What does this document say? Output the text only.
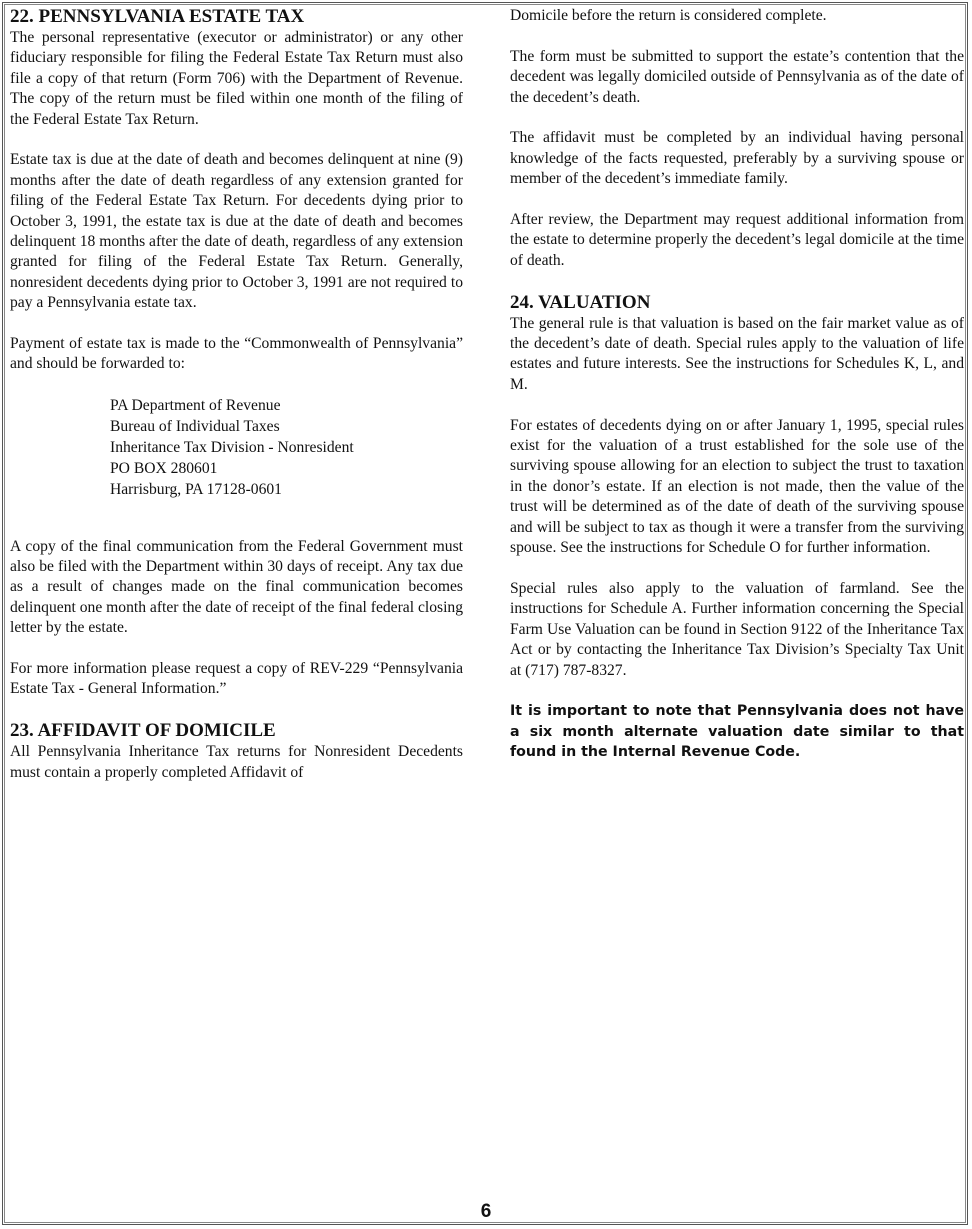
22. PENNSYLVANIA ESTATE TAX

The personal representative (executor or administrator) or any other fiduciary responsible for filing the Federal Estate Tax Return must also file a copy of that return (Form 706) with the Department of Revenue. The copy of the return must be filed within one month of the filing of the Federal Estate Tax Return.

Estate tax is due at the date of death and becomes delinquent at nine (9) months after the date of death regardless of any extension granted for filing of the Federal Estate Tax Return. For decedents dying prior to October 3, 1991, the estate tax is due at the date of death and becomes delinquent 18 months after the date of death, regardless of any extension granted for filing of the Federal Estate Tax Return. Generally, nonresident decedents dying prior to October 3, 1991 are not required to pay a Pennsylvania estate tax.

Payment of estate tax is made to the “Commonwealth of Pennsylvania” and should be forwarded to:

PA Department of Revenue
Bureau of Individual Taxes
Inheritance Tax Division - Nonresident
PO BOX 280601
Harrisburg, PA 17128-0601

A copy of the final communication from the Federal Government must also be filed with the Department within 30 days of receipt. Any tax due as a result of changes made on the final communication becomes delinquent one month after the date of receipt of the final federal closing letter by the estate.

For more information please request a copy of REV-229 “Pennsylvania Estate Tax - General Information.”

23. AFFIDAVIT OF DOMICILE

All Pennsylvania Inheritance Tax returns for Nonresident Decedents must contain a properly completed Affidavit of

Domicile before the return is considered complete.

The form must be submitted to support the estate’s contention that the decedent was legally domiciled outside of Pennsylvania as of the date of the decedent’s death.

The affidavit must be completed by an individual having personal knowledge of the facts requested, preferably by a surviving spouse or member of the decedent’s immediate family.

After review, the Department may request additional information from the estate to determine properly the decedent’s legal domicile at the time of death.

24. VALUATION

The general rule is that valuation is based on the fair market value as of the decedent’s date of death. Special rules apply to the valuation of life estates and future interests. See the instructions for Schedules K, L, and M.

For estates of decedents dying on or after January 1, 1995, special rules exist for the valuation of a trust established for the sole use of the surviving spouse allowing for an election to subject the trust to taxation in the donor’s estate. If an election is not made, then the value of the trust will be determined as of the date of death of the surviving spouse and will be subject to tax as though it were a transfer from the surviving spouse. See the instructions for Schedule O for further information.

Special rules also apply to the valuation of farmland. See the instructions for Schedule A. Further information concerning the Special Farm Use Valuation can be found in Section 9122 of the Inheritance Tax Act or by contacting the Inheritance Tax Division’s Specialty Tax Unit at (717) 787-8327.

It is important to note that Pennsylvania does not have a six month alternate valuation date similar to that found in the Internal Revenue Code.

6
